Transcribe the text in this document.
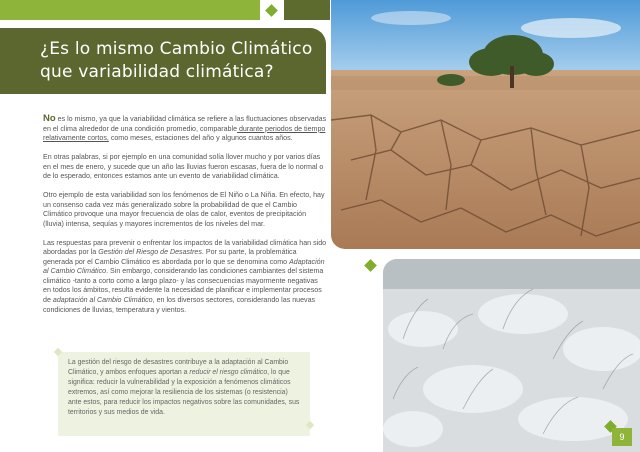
¿Es lo mismo Cambio Climático
que variabilidad climática?

No es lo mismo, ya que la variabilidad climática se refiere a las fluctuaciones observadas en el clima alrededor de una condición promedio, comparable durante periodos de tiempo relativamente cortos, como meses, estaciones del año y algunos cuantos años.

En otras palabras, si por ejemplo en una comunidad solía llover mucho y por varios días en el mes de enero, y sucede que un año las lluvias fueron escasas, fuera de lo normal o de lo esperado, entonces estamos ante un evento de variabilidad climática.

Otro ejemplo de esta variabilidad son los fenómenos de El Niño o La Niña. En efecto, hay un consenso cada vez más generalizado sobre la probabilidad de que el Cambio Climático provoque una mayor frecuencia de olas de calor, eventos de precipitación (lluvia) intensa, sequías y mayores incrementos de los niveles del mar.

Las respuestas para prevenir o enfrentar los impactos de la variabilidad climática han sido abordadas por la Gestión del Riesgo de Desastres. Por su parte, la problemática generada por el Cambio Climático es abordada por lo que se denomina como Adaptación al Cambio Climático. Sin embargo, considerando las condiciones cambiantes del sistema climático -tanto a corto como a largo plazo- y las consecuencias mayormente negativas en todos los ámbitos, resulta evidente la necesidad de planificar e implementar procesos de adaptación al Cambio Climático, en los diversos sectores, considerando las nuevas condiciones de lluvias, temperatura y vientos.

La gestión del riesgo de desastres contribuye a la adaptación al Cambio Climático, y ambos enfoques aportan a reducir el riesgo climático, lo que significa: reducir la vulnerabilidad y la exposición a fenómenos climáticos extremos, así como mejorar la resiliencia de los sistemas (o resistencia) ante estos, para reducir los impactos negativos sobre las comunidades, sus territorios y sus medios de vida.
9
